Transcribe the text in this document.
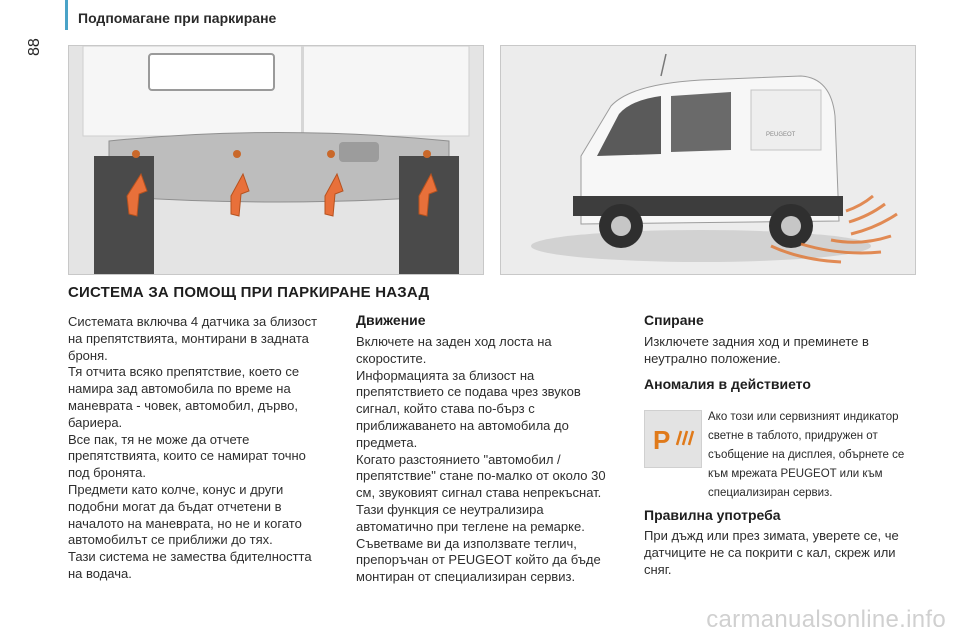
Подпомагане при паркиране
88
PEUGEOT
СИСТЕМА ЗА ПОМОЩ ПРИ ПАРКИРАНЕ НАЗАД

Системата включва 4 датчика за близост на препятствията, монтирани в задната броня.

Тя отчита всяко препятствие, което се намира зад автомобила по време на маневрата - човек, автомобил, дърво, бариера.

Все пак, тя не може да отчете препятствията, които се намират точно под бронята.

Предмети като колче, конус и други подобни могат да бъдат отчетени в началото на маневрата, но не и когато автомобилът се приближи до тях.

Тази система не замества бдителността на водача.

Движение

Включете на заден ход лоста на скоростите.

Информацията за близост на препятствието се подава чрез звуков сигнал, който става по-бърз с приближаването на автомобила до предмета.

Когато разстоянието "автомобил / препятствие" стане по-малко от около 30 см, звуковият сигнал става непрекъснат.

Тази функция се неутрализира автоматично при теглене на ремарке. Съветваме ви да използвате теглич, препоръчан от PEUGEOT който да бъде монтиран от специализиран сервиз.

Спиране

Изключете задния ход и преминете в неутрално положение.

Аномалия в действието
P
Ако този или сервизният индикатор светне в таблото, придружен от съобщение на дисплея, обърнете се към мрежата PEUGEOT или към специализиран сервиз.
Правилна употреба

При дъжд или през зимата, уверете се, че датчиците не са покрити с кал, скреж или сняг.

carmanualsonline.info
